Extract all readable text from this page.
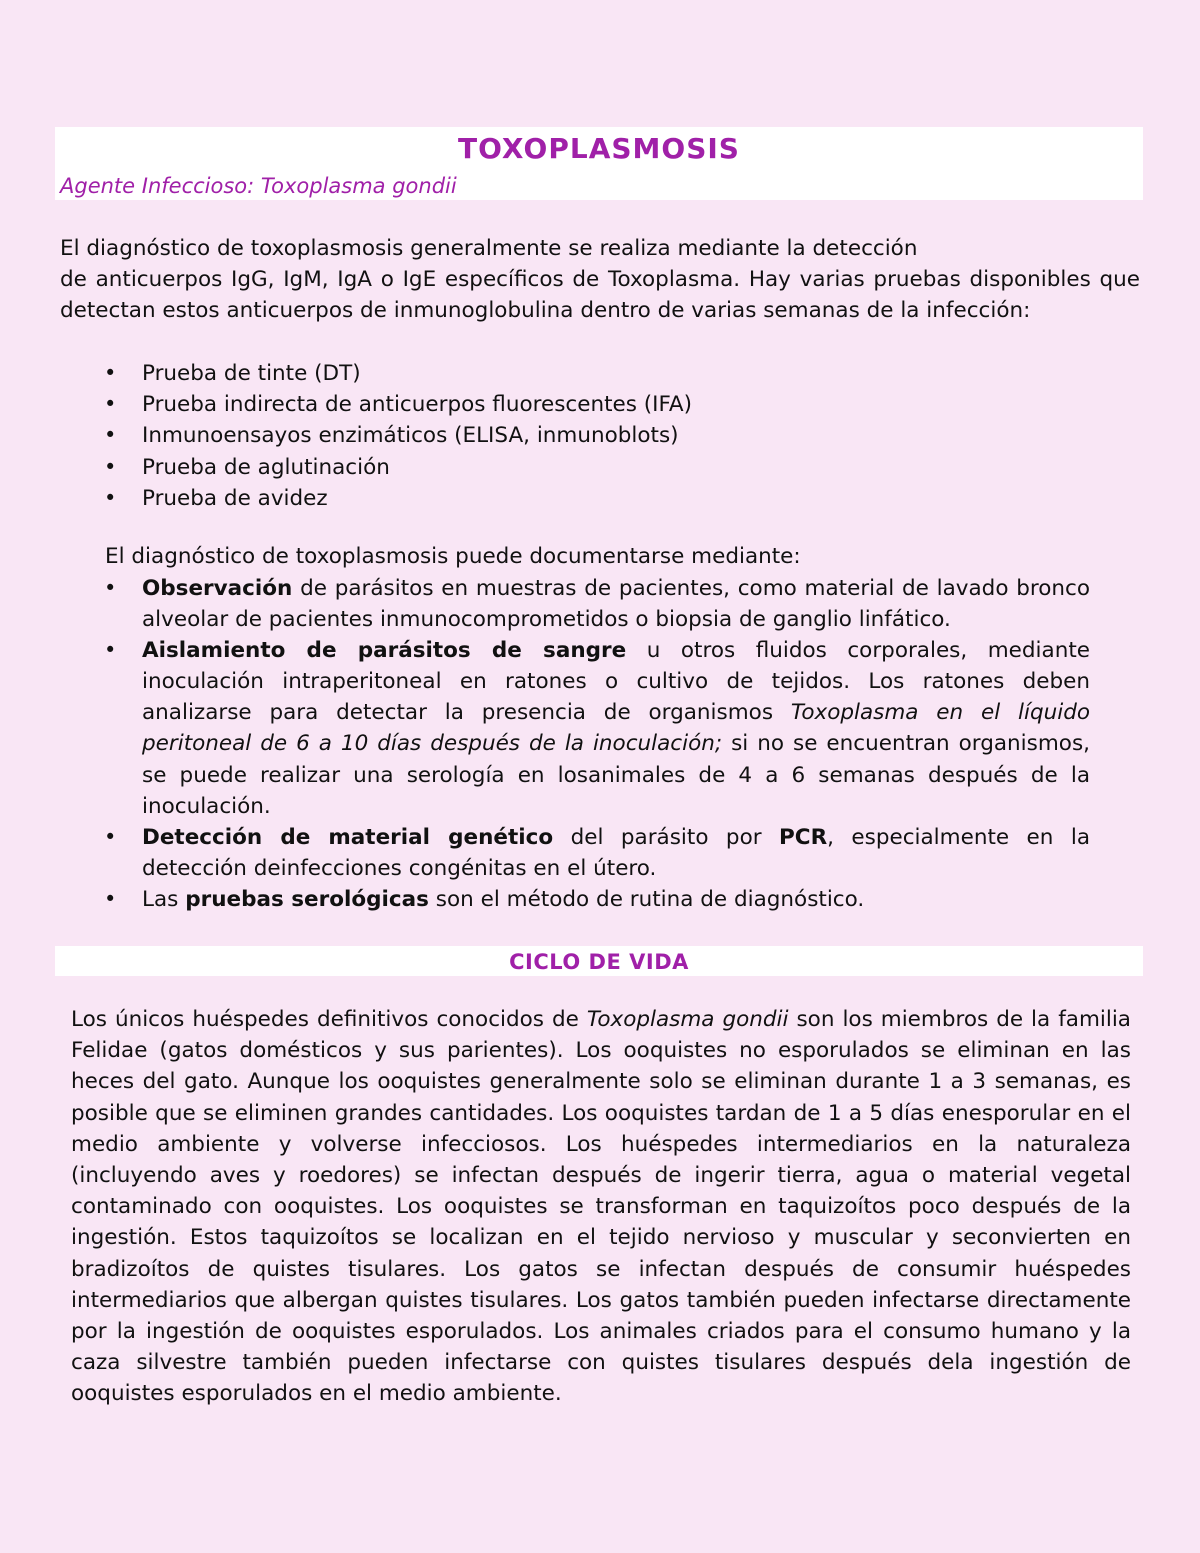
TOXOPLASMOSIS
Agente Infeccioso: Toxoplasma gondii
El diagnóstico de toxoplasmosis generalmente se realiza mediante la detección
de anticuerpos IgG, IgM, IgA o IgE específicos de Toxoplasma. Hay varias pruebas disponibles que detectan estos anticuerpos de inmunoglobulina dentro de varias semanas de la infección:
• Prueba de tinte (DT)
• Prueba indirecta de anticuerpos fluorescentes (IFA)
• Inmunoensayos enzimáticos (ELISA, inmunoblots)
• Prueba de aglutinación
• Prueba de avidez
El diagnóstico de toxoplasmosis puede documentarse mediante:
• Observación de parásitos en muestras de pacientes, como material de lavado bronco alveolar de pacientes inmunocomprometidos o biopsia de ganglio linfático.
• Aislamiento de parásitos de sangre u otros fluidos corporales, mediante inoculación intraperitoneal en ratones o cultivo de tejidos. Los ratones deben analizarse para detectar la presencia de organismos Toxoplasma en el líquido peritoneal de 6 a 10 días después de la inoculación; si no se encuentran organismos, se puede realizar una serología en losanimales de 4 a 6 semanas después de la inoculación.
• Detección de material genético del parásito por PCR, especialmente en la detección deinfecciones congénitas en el útero.
• Las pruebas serológicas son el método de rutina de diagnóstico.
CICLO DE VIDA
Los únicos huéspedes definitivos conocidos de Toxoplasma gondii son los miembros de la familia Felidae (gatos domésticos y sus parientes). Los ooquistes no esporulados se eliminan en las heces del gato. Aunque los ooquistes generalmente solo se eliminan durante 1 a 3 semanas, es posible que se eliminen grandes cantidades. Los ooquistes tardan de 1 a 5 días enesporular en el medio ambiente y volverse infecciosos. Los huéspedes intermediarios en la naturaleza (incluyendo aves y roedores) se infectan después de ingerir tierra, agua o material vegetal contaminado con ooquistes. Los ooquistes se transforman en taquizoítos poco después de la ingestión. Estos taquizoítos se localizan en el tejido nervioso y muscular y seconvierten en bradizoítos de quistes tisulares. Los gatos se infectan después de consumir huéspedes intermediarios que albergan quistes tisulares. Los gatos también pueden infectarse directamente por la ingestión de ooquistes esporulados. Los animales criados para el consumo humano y la caza silvestre también pueden infectarse con quistes tisulares después dela ingestión de ooquistes esporulados en el medio ambiente.
